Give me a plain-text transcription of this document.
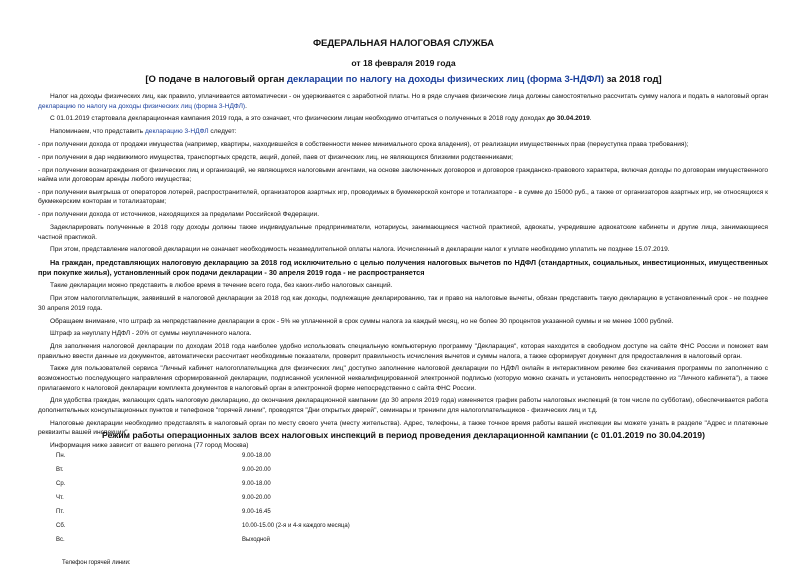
ФЕДЕРАЛЬНАЯ НАЛОГОВАЯ СЛУЖБА
от 18 февраля 2019 года
[О подаче в налоговый орган декларации по налогу на доходы физических лиц (форма 3-НДФЛ) за 2018 год]

Налог на доходы физических лиц, как правило, уплачивается автоматически - он удерживается с заработной платы. Но в ряде случаев физические лица должны самостоятельно рассчитать сумму налога и подать в налоговый орган декларацию по налогу на доходы физических лиц (форма 3-НДФЛ).

С 01.01.2019 стартовала декларационная кампания 2019 года, а это означает, что физическим лицам необходимо отчитаться о полученных в 2018 году доходах до 30.04.2019.

Напоминаем, что представить декларацию 3-НДФЛ следует:

- при получении дохода от продажи имущества (например, квартиры, находившейся в собственности менее минимального срока владения), от реализации имущественных прав (переуступка права требования);

- при получении в дар недвижимого имущества, транспортных средств, акций, долей, паев от физических лиц, не являющихся близкими родственниками;

- при получении вознаграждения от физических лиц и организаций, не являющихся налоговыми агентами, на основе заключенных договоров и договоров гражданско-правового характера, включая доходы по договорам имущественного найма или договорам аренды любого имущества;

- при получении выигрыша от операторов лотерей, распространителей, организаторов азартных игр, проводимых в букмекерской конторе и тотализаторе - в сумме до 15000 руб., а также от организаторов азартных игр, не относящихся к букмекерским конторам и тотализаторам;

- при получении дохода от источников, находящихся за пределами Российской Федерации.

Задекларировать полученные в 2018 году доходы должны также индивидуальные предприниматели, нотариусы, занимающиеся частной практикой, адвокаты, учредившие адвокатские кабинеты и другие лица, занимающиеся частной практикой.

При этом, представление налоговой декларации не означает необходимость незамедлительной оплаты налога. Исчисленный в декларации налог к уплате необходимо уплатить не позднее 15.07.2019.

На граждан, представляющих налоговую декларацию за 2018 год исключительно с целью получения налоговых вычетов по НДФЛ (стандартных, социальных, инвестиционных, имущественных при покупке жилья), установленный срок подачи декларации - 30 апреля 2019 года - не распространяется

Такие декларации можно представить в любое время в течение всего года, без каких-либо налоговых санкций.

При этом налогоплательщик, заявивший в налоговой декларации за 2018 год как доходы, подлежащие декларированию, так и право на налоговые вычеты, обязан представить такую декларацию в установленный срок - не позднее 30 апреля 2019 года.

Обращаем внимание, что штраф за непредставление декларации в срок - 5% не уплаченной в срок суммы налога за каждый месяц, но не более 30 процентов указанной суммы и не менее 1000 рублей.

Штраф за неуплату НДФЛ - 20% от суммы неуплаченного налога.

Для заполнения налоговой декларации по доходам 2018 года наиболее удобно использовать специальную компьютерную программу "Декларация", которая находится в свободном доступе на сайте ФНС России и поможет вам правильно ввести данные из документов, автоматически рассчитает необходимые показатели, проверит правильность исчисления вычетов и суммы налога, а также сформирует документ для предоставления в налоговый орган.

Также для пользователей сервиса "Личный кабинет налогоплательщика для физических лиц" доступно заполнение налоговой декларации по НДФЛ онлайн в интерактивном режиме без скачивания программы по заполнению с возможностью последующего направления сформированной декларации, подписанной усиленной неквалифицированной электронной подписью (которую можно скачать и установить непосредственно из "Личного кабинета"), а также прилагаемого к налоговой декларации комплекта документов в налоговый орган в электронной форме непосредственно с сайта ФНС России.

Для удобства граждан, желающих сдать налоговую декларацию, до окончания декларационной кампании (до 30 апреля 2019 года) изменяется график работы налоговых инспекций (в том числе по субботам), обеспечивается работа дополнительных консультационных пунктов и телефонов "горячей линии", проводятся "Дни открытых дверей", семинары и тренинги для налогоплательщиков - физических лиц и т.д.

Налоговые декларации необходимо представлять в налоговый орган по месту своего учета (месту жительства). Адрес, телефоны, а также точное время работы вашей инспекции вы можете узнать в разделе "Адрес и платежные реквизиты вашей инспекции".

Информация ниже зависит от вашего региона (77 город Москва)

Режим работы операционных залов всех налоговых инспекций в период проведения декларационной кампании (с 01.01.2019 по 30.04.2019)
Пн.	9.00-18.00
Вт.	9.00-20.00
Ср.	9.00-18.00
Чт.	9.00-20.00
Пт.	9.00-16.45
Сб.	10.00-15.00 (2-я и 4-я каждого месяца)
Вс.	Выходной
Телефон горячей линии:
